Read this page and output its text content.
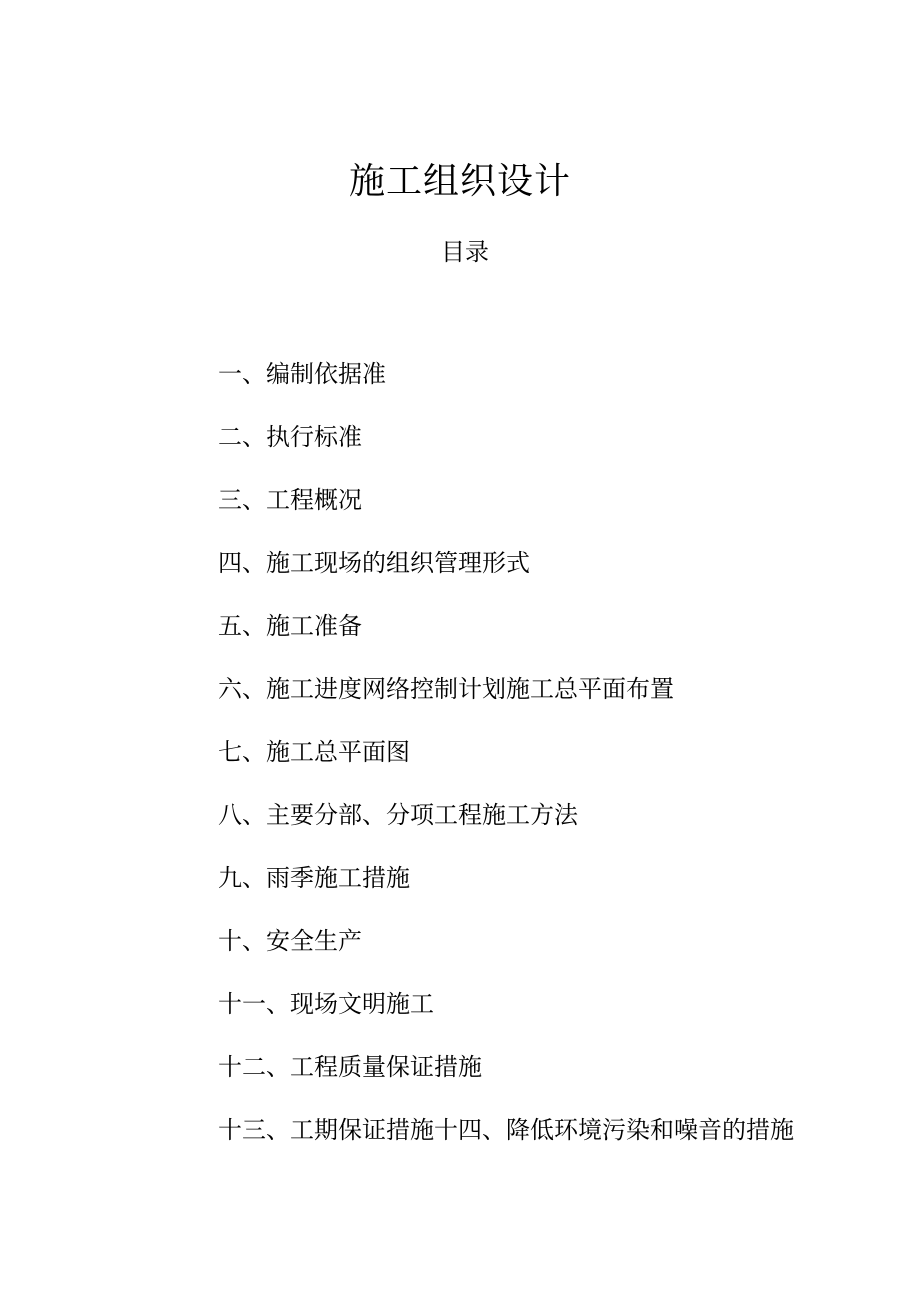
施工组织设计
目录
一、编制依据准
二、执行标准
三、工程概况
四、施工现场的组织管理形式
五、施工准备
六、施工进度网络控制计划施工总平面布置
七、施工总平面图
八、主要分部、分项工程施工方法
九、雨季施工措施
十、安全生产
十一、现场文明施工
十二、工程质量保证措施
十三、工期保证措施十四、降低环境污染和噪音的措施
